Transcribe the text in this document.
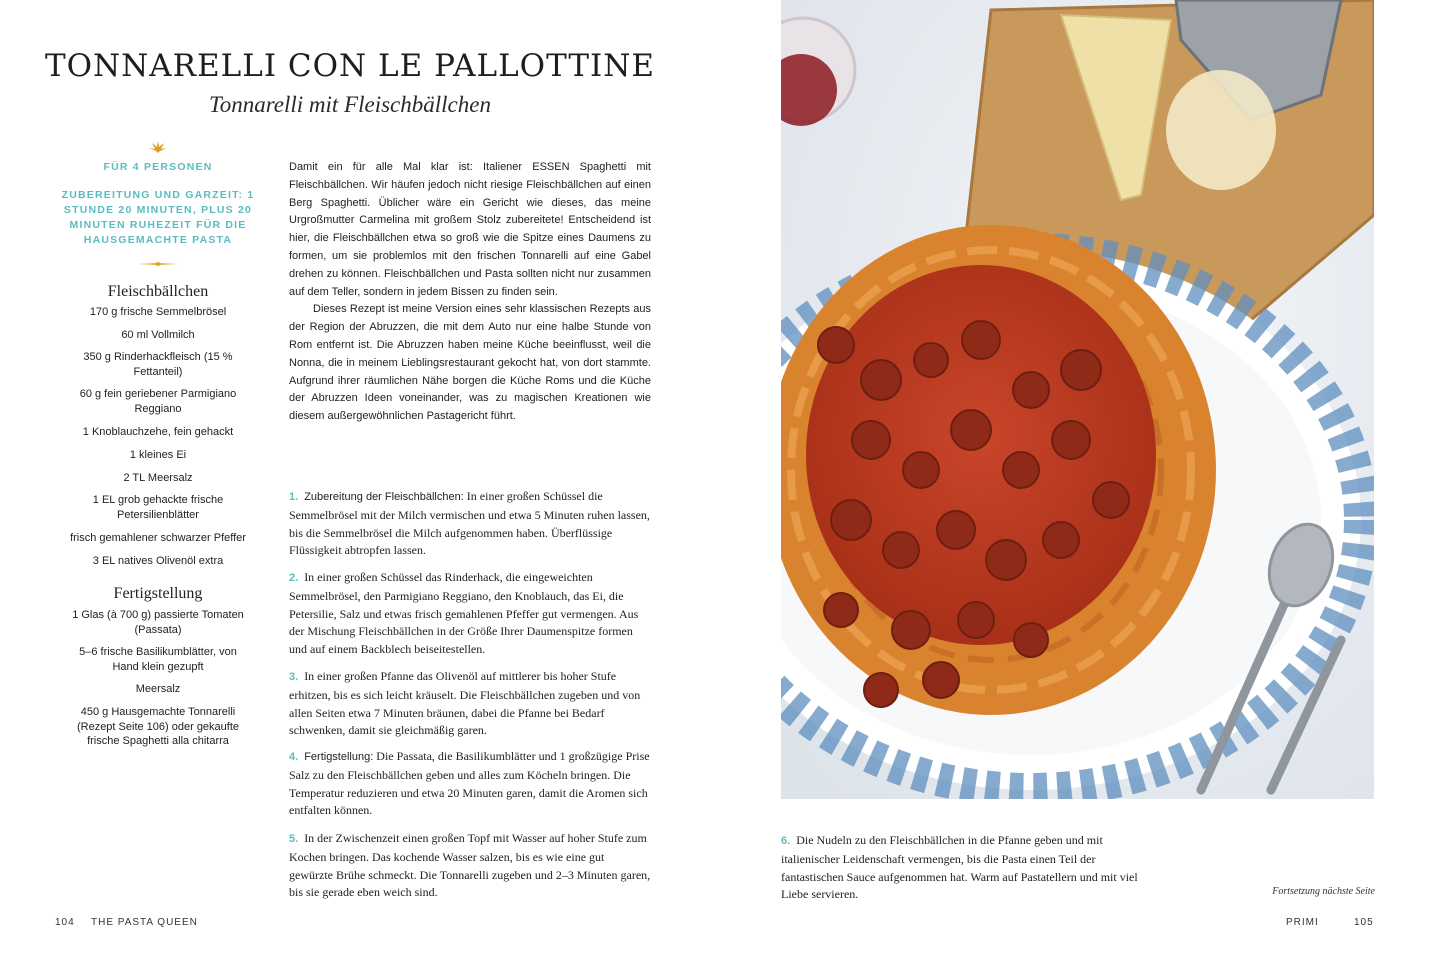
TONNARELLI CON LE PALLOTTINE
Tonnarelli mit Fleischbällchen
FÜR 4 PERSONEN
ZUBEREITUNG UND GARZEIT: 1 STUNDE 20 MINUTEN, PLUS 20 MINUTEN RUHEZEIT FÜR DIE HAUSGEMACHTE PASTA
Fleischbällchen
170 g frische Semmelbrösel
60 ml Vollmilch
350 g Rinderhackfleisch (15 % Fettanteil)
60 g fein geriebener Parmigiano Reggiano
1 Knoblauchzehe, fein gehackt
1 kleines Ei
2 TL Meersalz
1 EL grob gehackte frische Petersilienblätter
frisch gemahlener schwarzer Pfeffer
3 EL natives Olivenöl extra
Fertigstellung
1 Glas (à 700 g) passierte Tomaten (Passata)
5–6 frische Basilikumblätter, von Hand klein gezupft
Meersalz
450 g Hausgemachte Tonnarelli (Rezept Seite 106) oder gekaufte frische Spaghetti alla chitarra

Damit ein für alle Mal klar ist: Italiener ESSEN Spaghetti mit Fleischbällchen. Wir häufen jedoch nicht riesige Fleischbällchen auf einen Berg Spaghetti. Üblicher wäre ein Gericht wie dieses, das meine Urgroßmutter Carmelina mit großem Stolz zubereitete! Entscheidend ist hier, die Fleischbällchen etwa so groß wie die Spitze eines Daumens zu formen, um sie problemlos mit den frischen Tonnarelli auf eine Gabel drehen zu können. Fleischbällchen und Pasta sollten nicht nur zusammen auf dem Teller, sondern in jedem Bissen zu finden sein.

Dieses Rezept ist meine Version eines sehr klassischen Rezepts aus der Region der Abruzzen, die mit dem Auto nur eine halbe Stunde von Rom entfernt ist. Die Abruzzen haben meine Küche beeinflusst, weil die Nonna, die in meinem Lieblingsrestaurant gekocht hat, von dort stammte. Aufgrund ihrer räumlichen Nähe borgen die Küche Roms und die Küche der Abruzzen Ideen voneinander, was zu magischen Kreationen wie diesem außergewöhnlichen Pastagericht führt.

1. Zubereitung der Fleischbällchen: In einer großen Schüssel die Semmelbrösel mit der Milch vermischen und etwa 5 Minuten ruhen lassen, bis die Semmelbrösel die Milch aufgenommen haben. Überflüssige Flüssigkeit abtropfen lassen.
2. In einer großen Schüssel das Rinderhack, die eingeweichten Semmelbrösel, den Parmigiano Reggiano, den Knoblauch, das Ei, die Petersilie, Salz und etwas frisch gemahlenen Pfeffer gut vermengen. Aus der Mischung Fleischbällchen in der Größe Ihrer Daumenspitze formen und auf einem Backblech beiseitestellen.
3. In einer großen Pfanne das Olivenöl auf mittlerer bis hoher Stufe erhitzen, bis es sich leicht kräuselt. Die Fleischbällchen zugeben und von allen Seiten etwa 7 Minuten bräunen, dabei die Pfanne bei Bedarf schwenken, damit sie gleichmäßig garen.
4. Fertigstellung: Die Passata, die Basilikumblätter und 1 großzügige Prise Salz zu den Fleischbällchen geben und alles zum Köcheln bringen. Die Temperatur reduzieren und etwa 20 Minuten garen, damit die Aromen sich entfalten können.
5. In der Zwischenzeit einen großen Topf mit Wasser auf hoher Stufe zum Kochen bringen. Das kochende Wasser salzen, bis es wie eine gut gewürzte Brühe schmeckt. Die Tonnarelli zugeben und 2–3 Minuten garen, bis sie gerade eben weich sind.
6. Die Nudeln zu den Fleischbällchen in die Pfanne geben und mit italienischer Leidenschaft vermengen, bis die Pasta einen Teil der fantastischen Sauce aufgenommen hat. Warm auf Pastatellern und mit viel Liebe servieren.	Fortsetzung nächste Seite
104 THE PASTA QUEEN	PRIMI	105
